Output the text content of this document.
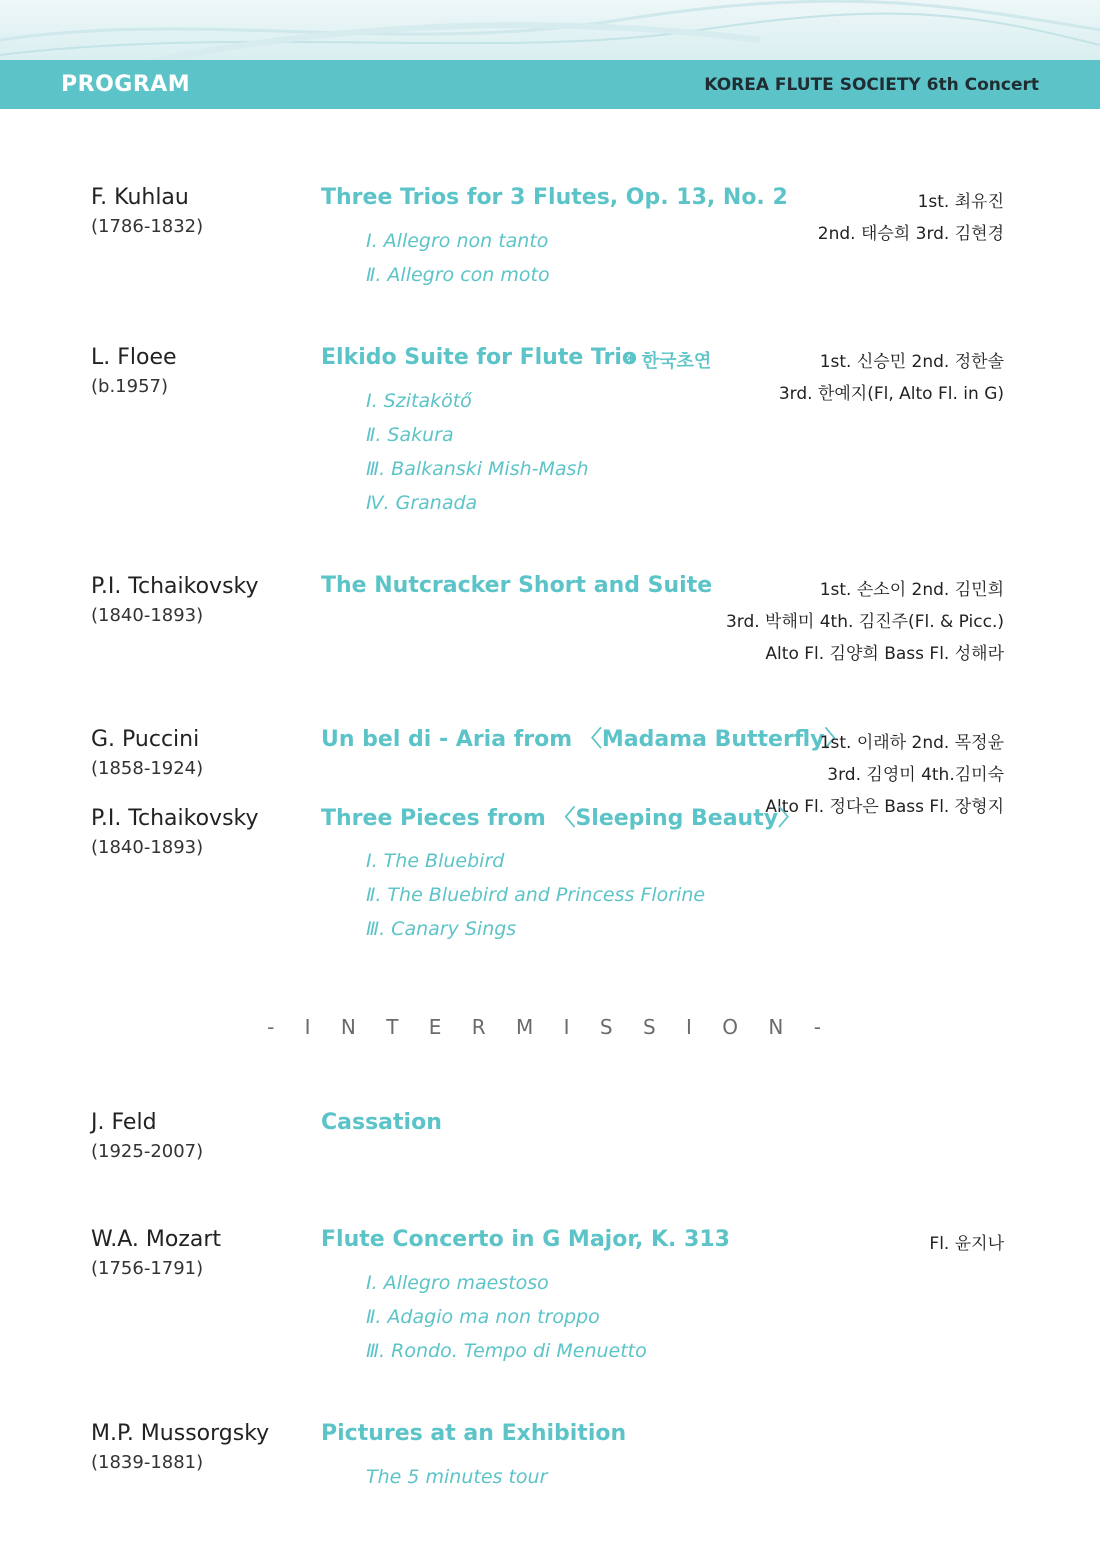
PROGRAM	KOREA FLUTE SOCIETY 6th Concert
F. Kuhlau
(1786-1832)
Three Trios for 3 Flutes, Op. 13, No. 2
Ⅰ. Allegro non tanto
Ⅱ. Allegro con moto
1st. 최유진
2nd. 태승희 3rd. 김현경
L. Floee
(b.1957)
Elkido Suite for Flute Trio
* 한국초연
Ⅰ. Szitakötő
Ⅱ. Sakura
Ⅲ. Balkanski Mish-Mash
Ⅳ. Granada
1st. 신승민 2nd. 정한솔
3rd. 한예지(Fl, Alto Fl. in G)
P.I. Tchaikovsky
(1840-1893)
The Nutcracker Short and Suite	1st. 손소이 2nd. 김민희
3rd. 박해미 4th. 김진주(Fl. & Picc.)
Alto Fl. 김양희 Bass Fl. 성해라
G. Puccini
(1858-1924)
Un bel di - Aria from 〈Madama Butterfly〉
1st. 이래하 2nd. 목정윤
3rd. 김영미 4th.김미숙
Alto Fl. 정다은 Bass Fl. 장형지
P.I. Tchaikovsky
(1840-1893)
Three Pieces from 〈Sleeping Beauty〉
Ⅰ. The Bluebird
Ⅱ. The Bluebird and Princess Florine
Ⅲ. Canary Sings
- I N T E R M I S S I O N -
J. Feld
(1925-2007)
Cassation
W.A. Mozart
(1756-1791)
Flute Concerto in G Major, K. 313
Ⅰ. Allegro maestoso
Ⅱ. Adagio ma non troppo
Ⅲ. Rondo. Tempo di Menuetto
Fl. 윤지나
M.P. Mussorgsky
(1839-1881)
Pictures at an Exhibition
The 5 minutes tour
